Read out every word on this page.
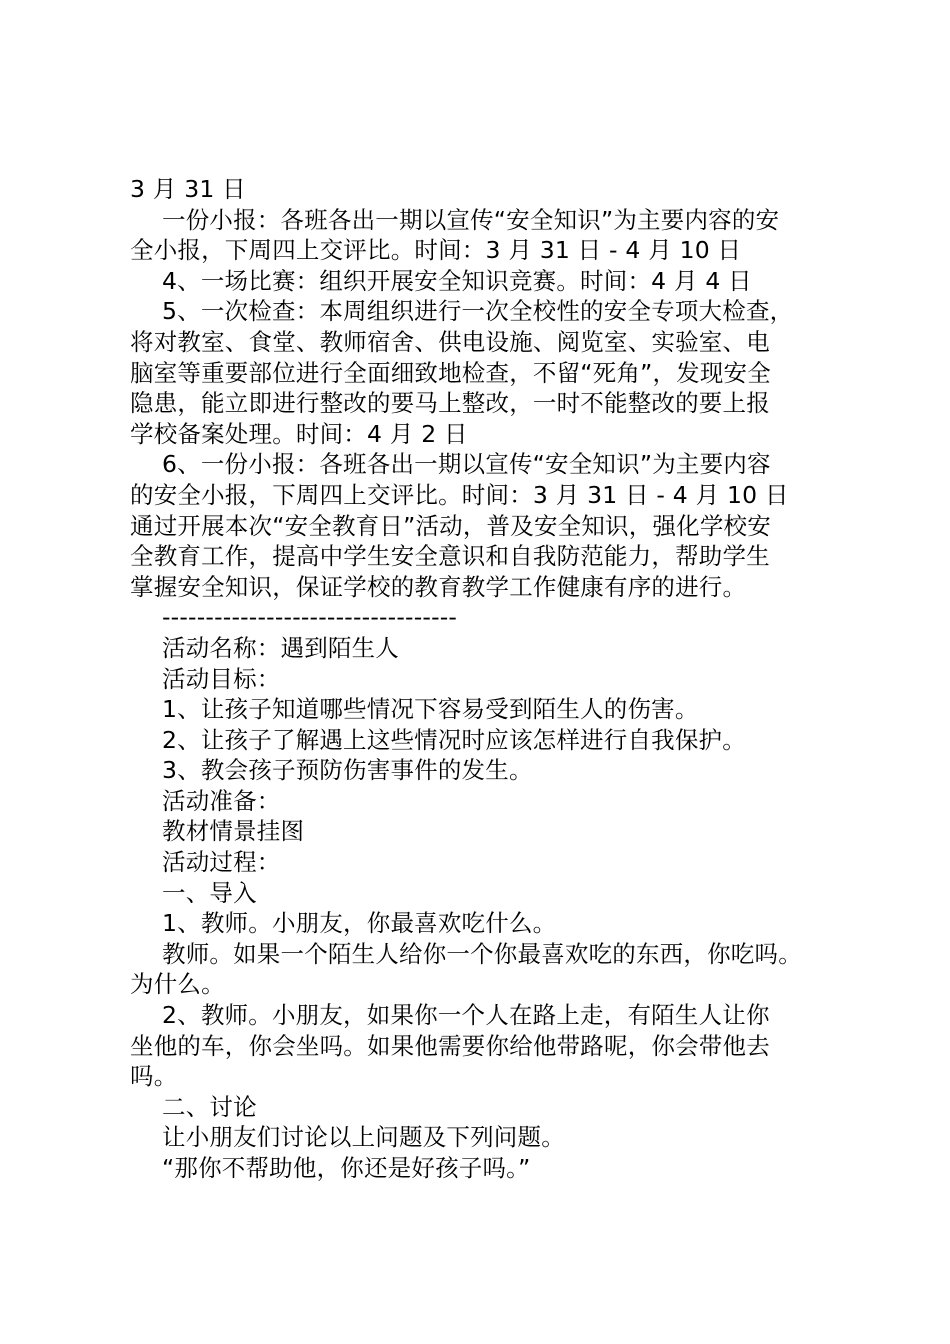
3 月 31 日
一份小报：各班各出一期以宣传“安全知识”为主要内容的安
全小报，下周四上交评比。时间：3 月 31 日 - 4 月 10 日
4、一场比赛：组织开展安全知识竞赛。时间：4 月 4 日
5、一次检查：本周组织进行一次全校性的安全专项大检查，
将对教室、食堂、教师宿舍、供电设施、阅览室、实验室、电
脑室等重要部位进行全面细致地检查，不留“死角”，发现安全
隐患，能立即进行整改的要马上整改，一时不能整改的要上报
学校备案处理。时间：4 月 2 日
6、一份小报：各班各出一期以宣传“安全知识”为主要内容
的安全小报，下周四上交评比。时间：3 月 31 日 - 4 月 10 日
通过开展本次“安全教育日”活动，普及安全知识，强化学校安
全教育工作，提高中学生安全意识和自我防范能力，帮助学生
掌握安全知识，保证学校的教育教学工作健康有序的进行。
----------------------------------
活动名称：遇到陌生人
活动目标：
1、让孩子知道哪些情况下容易受到陌生人的伤害。
2、让孩子了解遇上这些情况时应该怎样进行自我保护。
3、教会孩子预防伤害事件的发生。
活动准备：
教材情景挂图
活动过程：
一、导入
1、教师。小朋友，你最喜欢吃什么。
教师。如果一个陌生人给你一个你最喜欢吃的东西，你吃吗。
为什么。
2、教师。小朋友，如果你一个人在路上走，有陌生人让你
坐他的车，你会坐吗。如果他需要你给他带路呢，你会带他去
吗。
二、讨论
让小朋友们讨论以上问题及下列问题。
“那你不帮助他，你还是好孩子吗。”
